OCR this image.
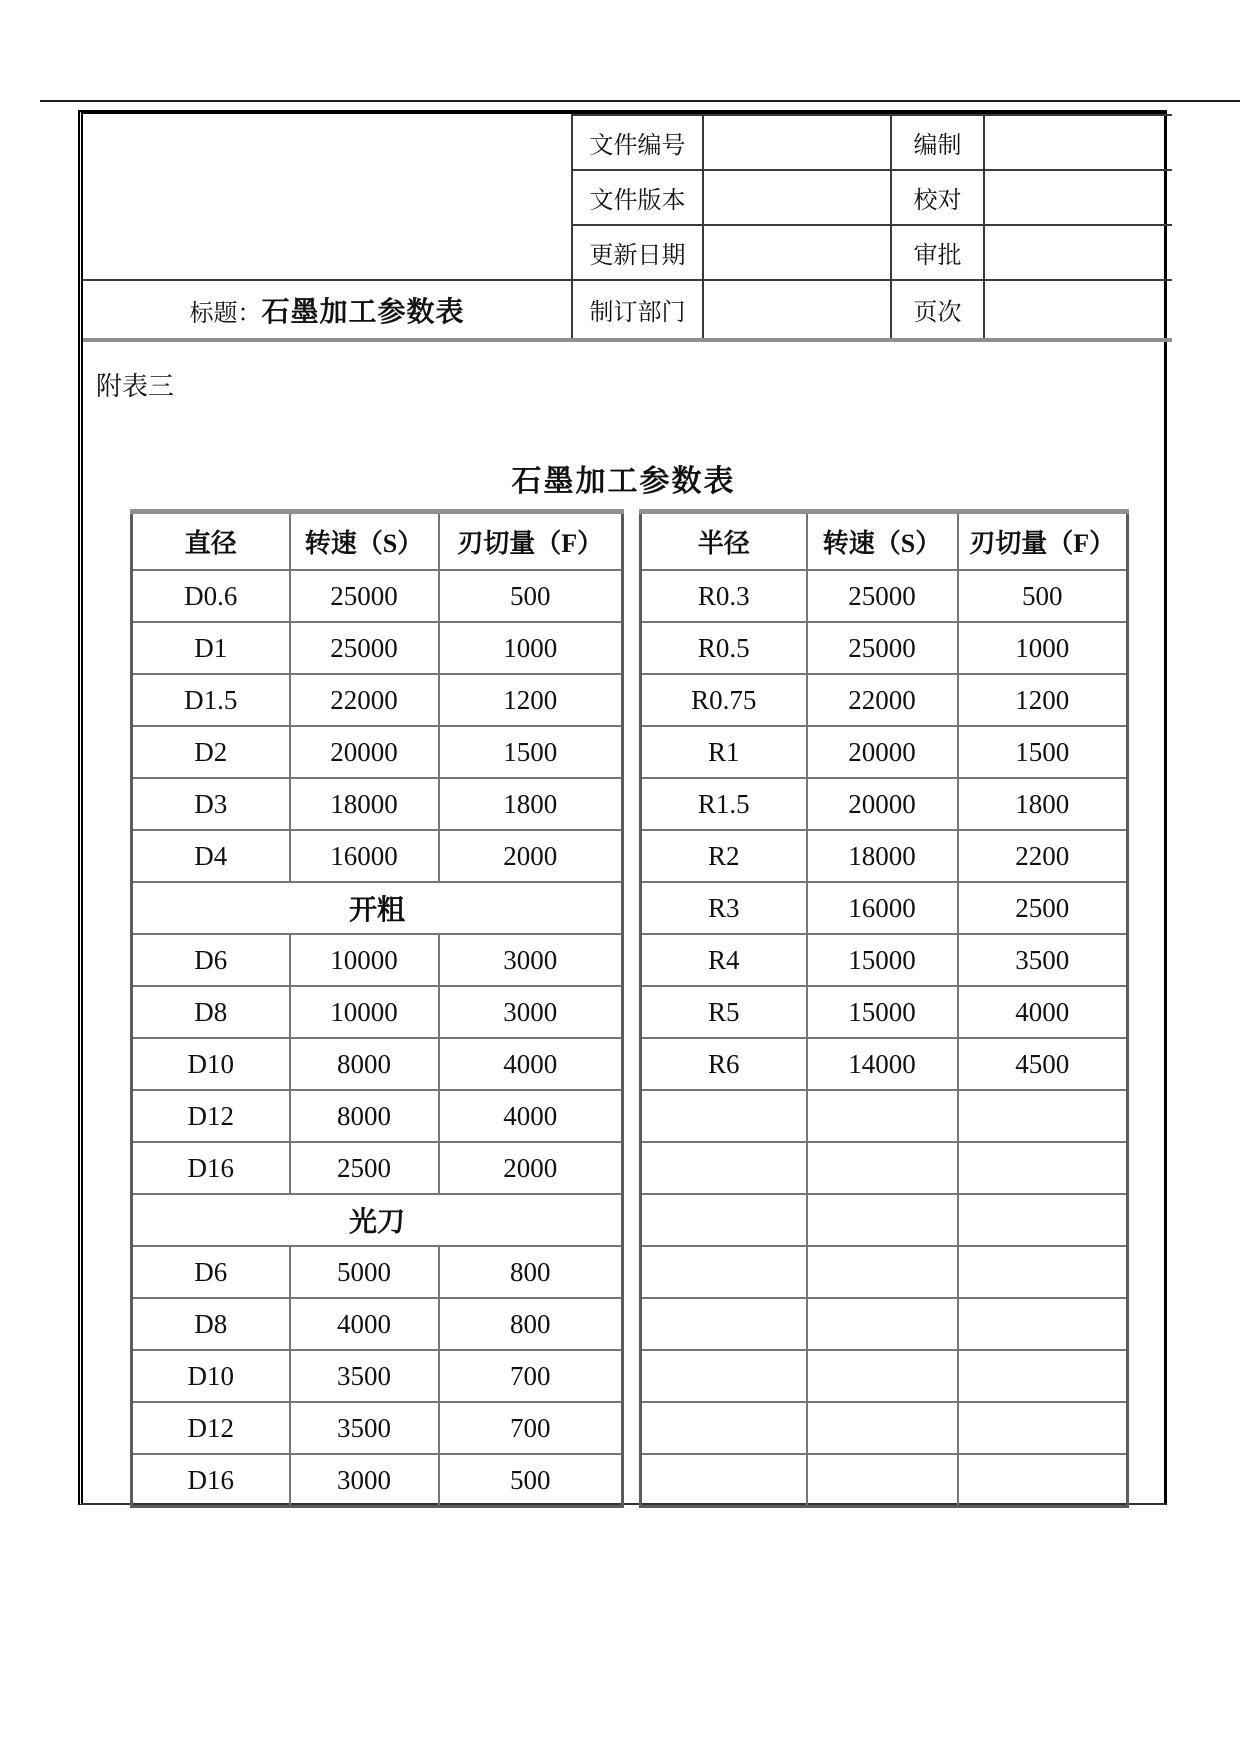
	文件编号		编制	
	文件版本		校对	
	更新日期		审批	
标题：石墨加工参数表	制订部门		页次	
附表三
石墨加工参数表
直径	转速（S）	刃切量（F）
D0.6	25000	500
D1	25000	1000
D1.5	22000	1200
D2	20000	1500
D3	18000	1800
D4	16000	2000
开粗		
D6	10000	3000
D8	10000	3000
D10	8000	4000
D12	8000	4000
D16	2500	2000
光刀		
D6	5000	800
D8	4000	800
D10	3500	700
D12	3500	700
D16	3000	500
半径	转速（S）	刃切量（F）
R0.3	25000	500
R0.5	25000	1000
R0.75	22000	1200
R1	20000	1500
R1.5	20000	1800
R2	18000	2200
R3	16000	2500
R4	15000	3500
R5	15000	4000
R6	14000	4500
